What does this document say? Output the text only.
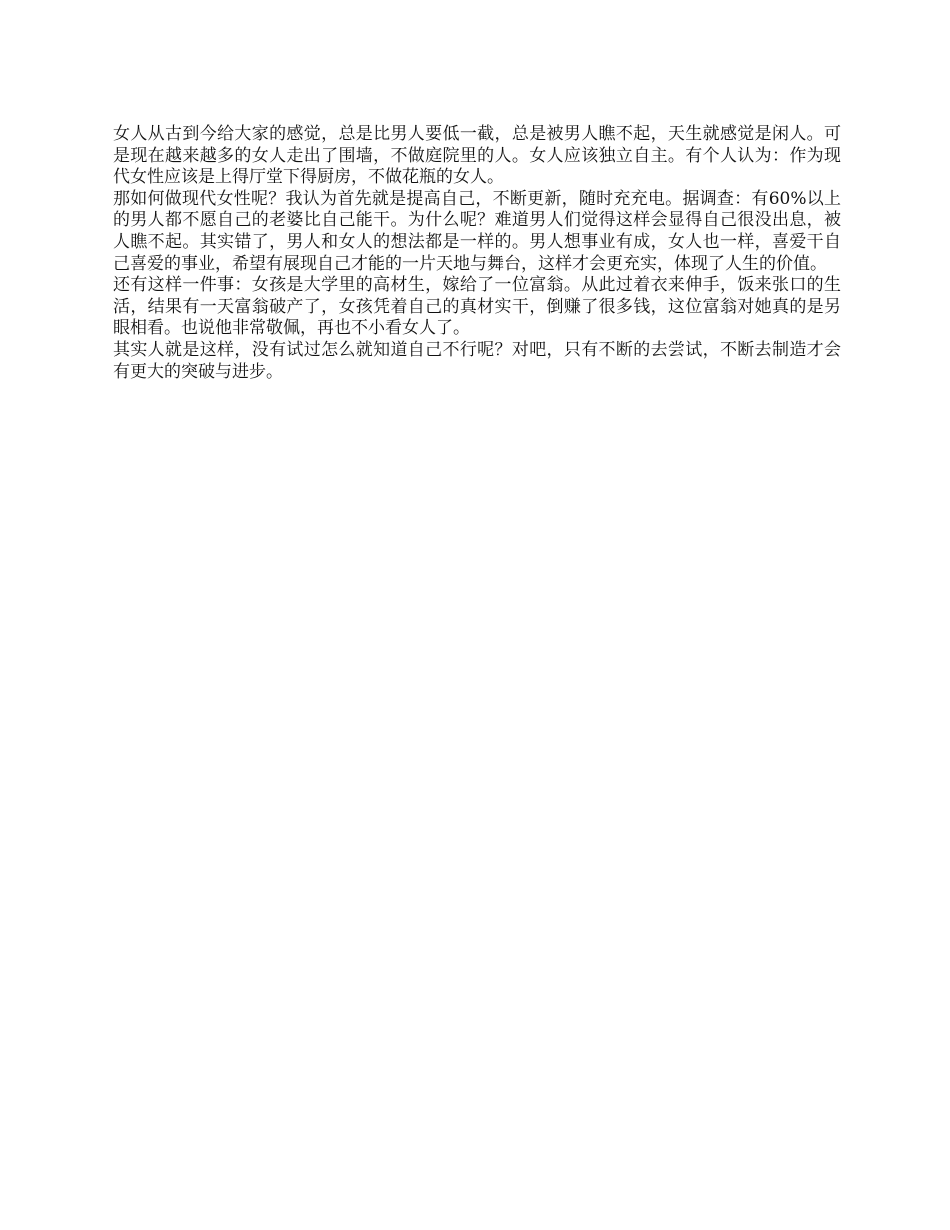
女人从古到今给大家的感觉，总是比男人要低一截，总是被男人瞧不起，天生就感觉是闲人。可是现在越来越多的女人走出了围墙，不做庭院里的人。女人应该独立自主。有个人认为：作为现代女性应该是上得厅堂下得厨房，不做花瓶的女人。

那如何做现代女性呢？我认为首先就是提高自己，不断更新，随时充充电。据调查：有60%以上的男人都不愿自己的老婆比自己能干。为什么呢？难道男人们觉得这样会显得自己很没出息，被人瞧不起。其实错了，男人和女人的想法都是一样的。男人想事业有成，女人也一样，喜爱干自己喜爱的事业，希望有展现自己才能的一片天地与舞台，这样才会更充实，体现了人生的价值。

还有这样一件事：女孩是大学里的高材生，嫁给了一位富翁。从此过着衣来伸手，饭来张口的生活，结果有一天富翁破产了，女孩凭着自己的真材实干，倒赚了很多钱，这位富翁对她真的是另眼相看。也说他非常敬佩，再也不小看女人了。

其实人就是这样，没有试过怎么就知道自己不行呢？对吧，只有不断的去尝试，不断去制造才会有更大的突破与进步。
